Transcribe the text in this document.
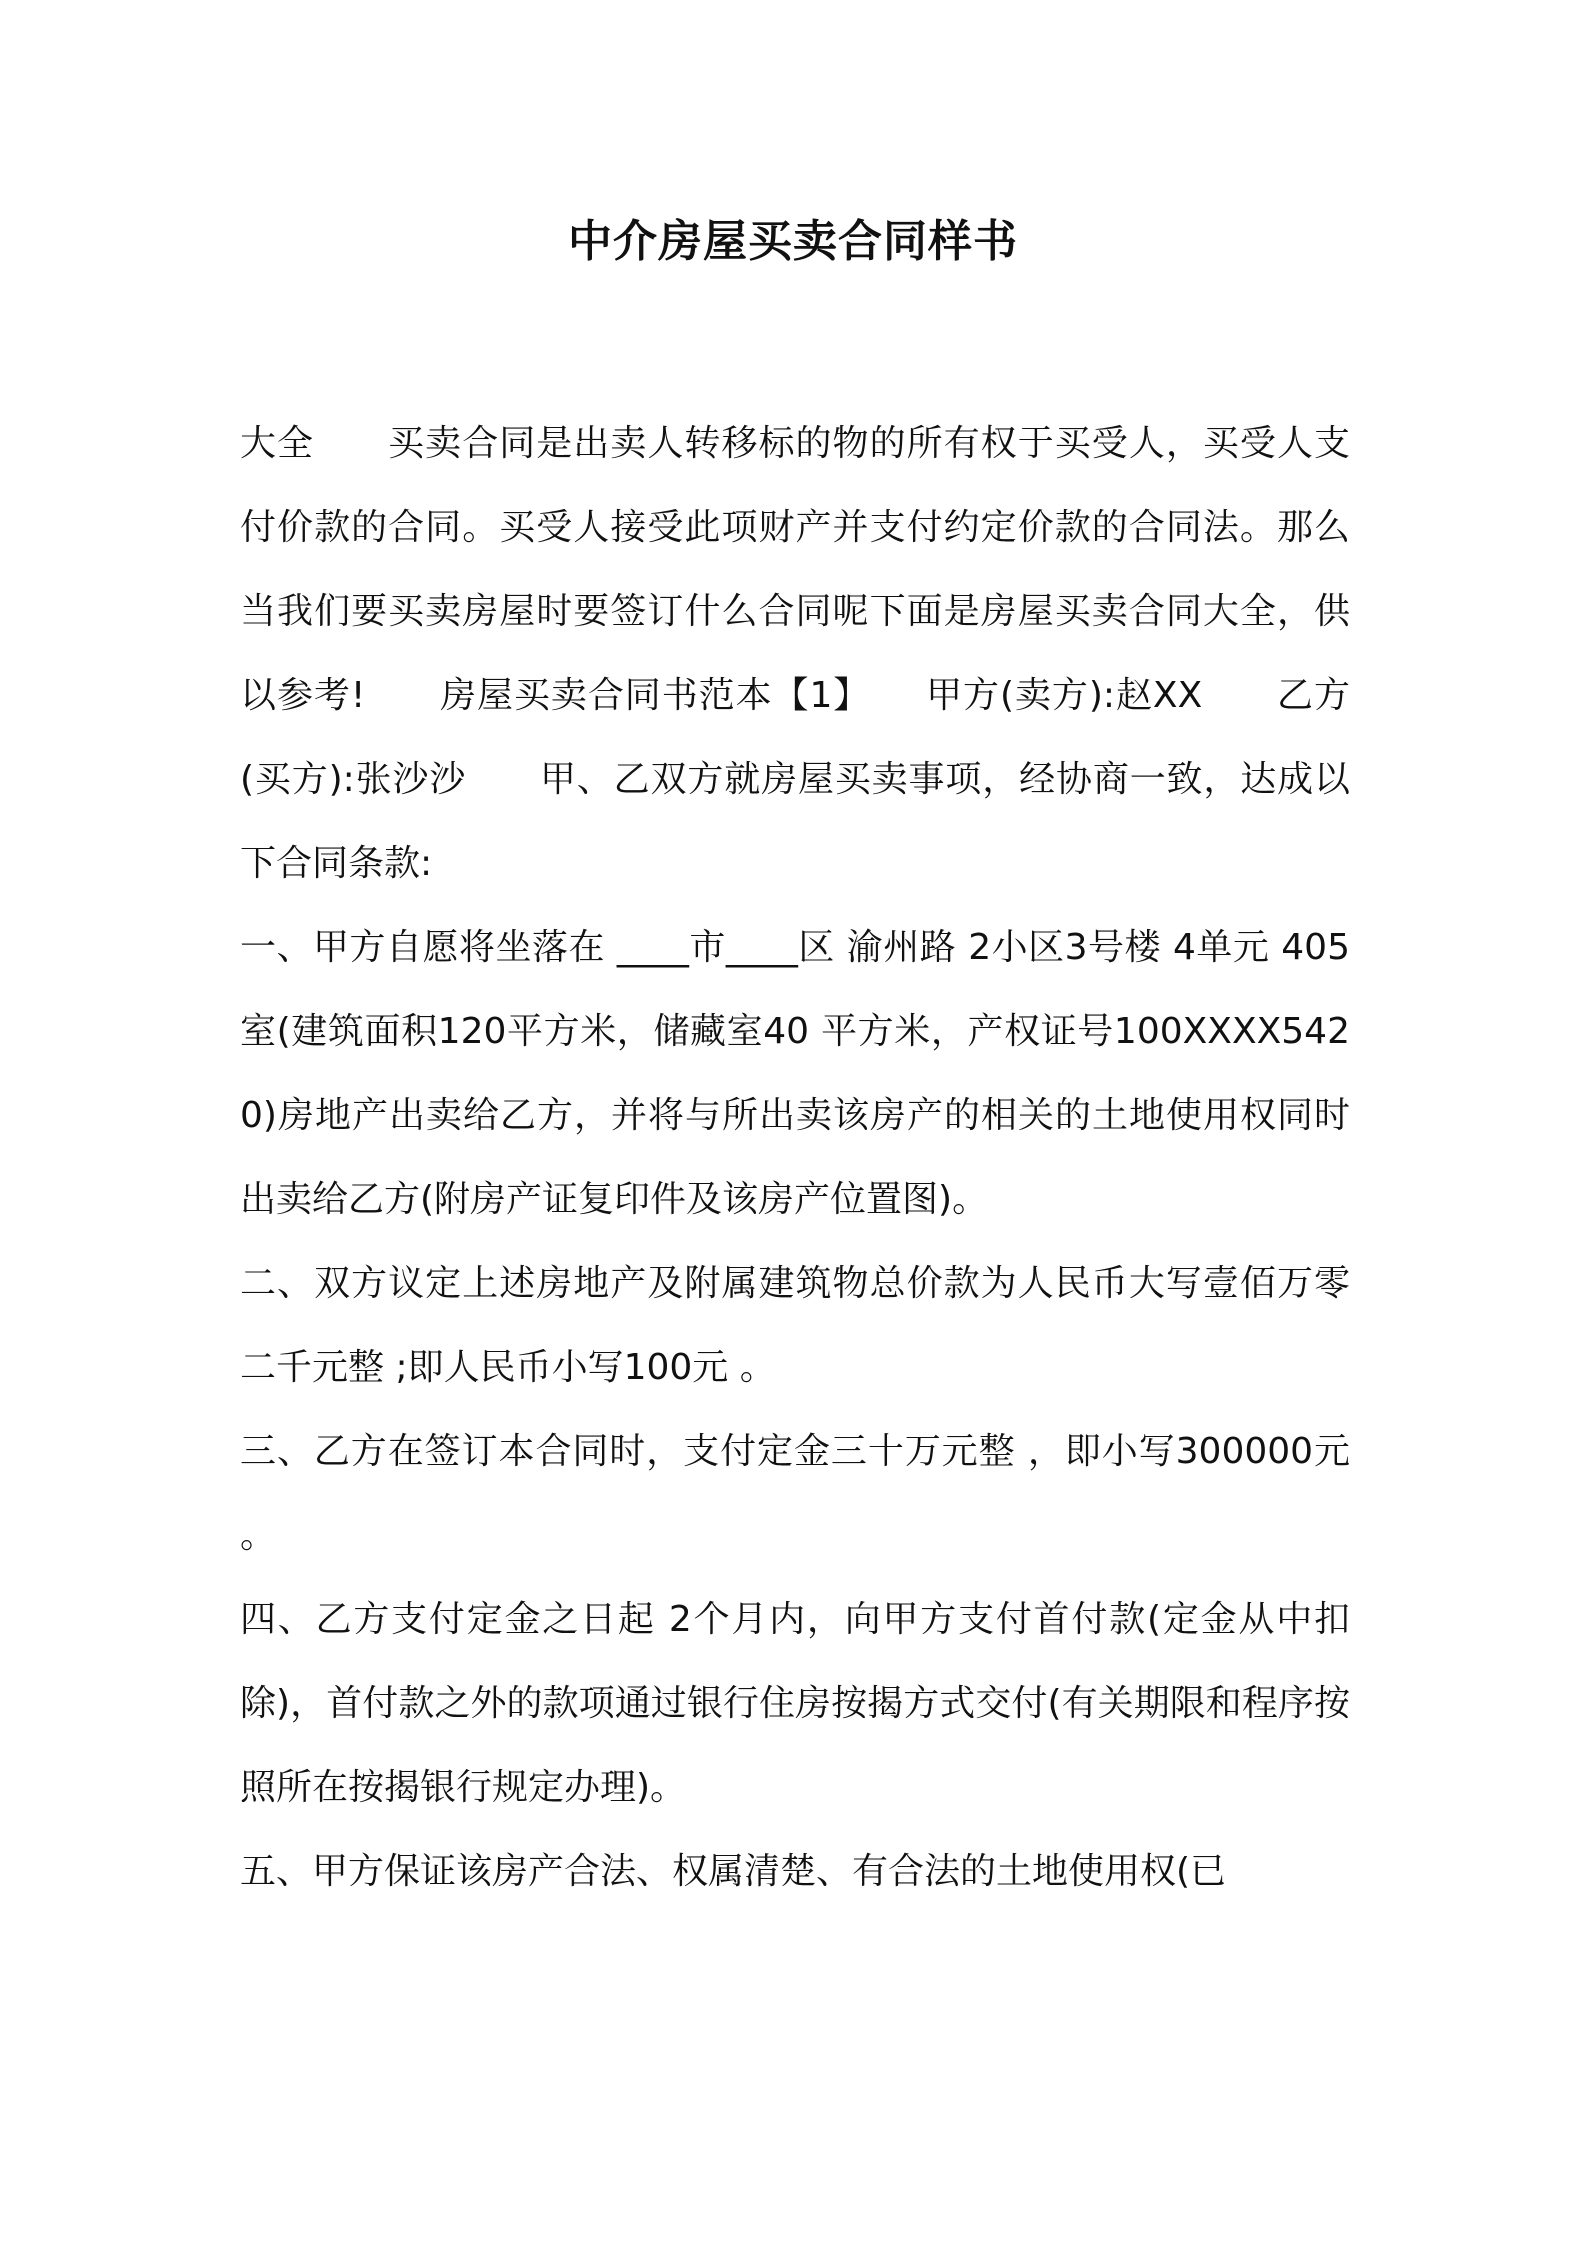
中介房屋买卖合同样书

大全　　买卖合同是出卖人转移标的物的所有权于买受人，买受人支付价款的合同。买受人接受此项财产并支付约定价款的合同法。那么当我们要买卖房屋时要签订什么合同呢下面是房屋买卖合同大全，供以参考!　　房屋买卖合同书范本【1】　　甲方(卖方):赵XX　　乙方(买方):张沙沙　　甲、乙双方就房屋买卖事项，经协商一致，达成以下合同条款:

一、甲方自愿将坐落在 ____市____区 渝州路 2小区3号楼 4单元 405室(建筑面积120平方米，储藏室40 平方米，产权证号100XXXX5420)房地产出卖给乙方，并将与所出卖该房产的相关的土地使用权同时出卖给乙方(附房产证复印件及该房产位置图)。

二、双方议定上述房地产及附属建筑物总价款为人民币大写壹佰万零二千元整 ;即人民币小写100元 。

三、乙方在签订本合同时，支付定金三十万元整 ，即小写300000元 。

四、乙方支付定金之日起 2个月内，向甲方支付首付款(定金从中扣除)，首付款之外的款项通过银行住房按揭方式交付(有关期限和程序按照所在按揭银行规定办理)。

五、甲方保证该房产合法、权属清楚、有合法的土地使用权(已
